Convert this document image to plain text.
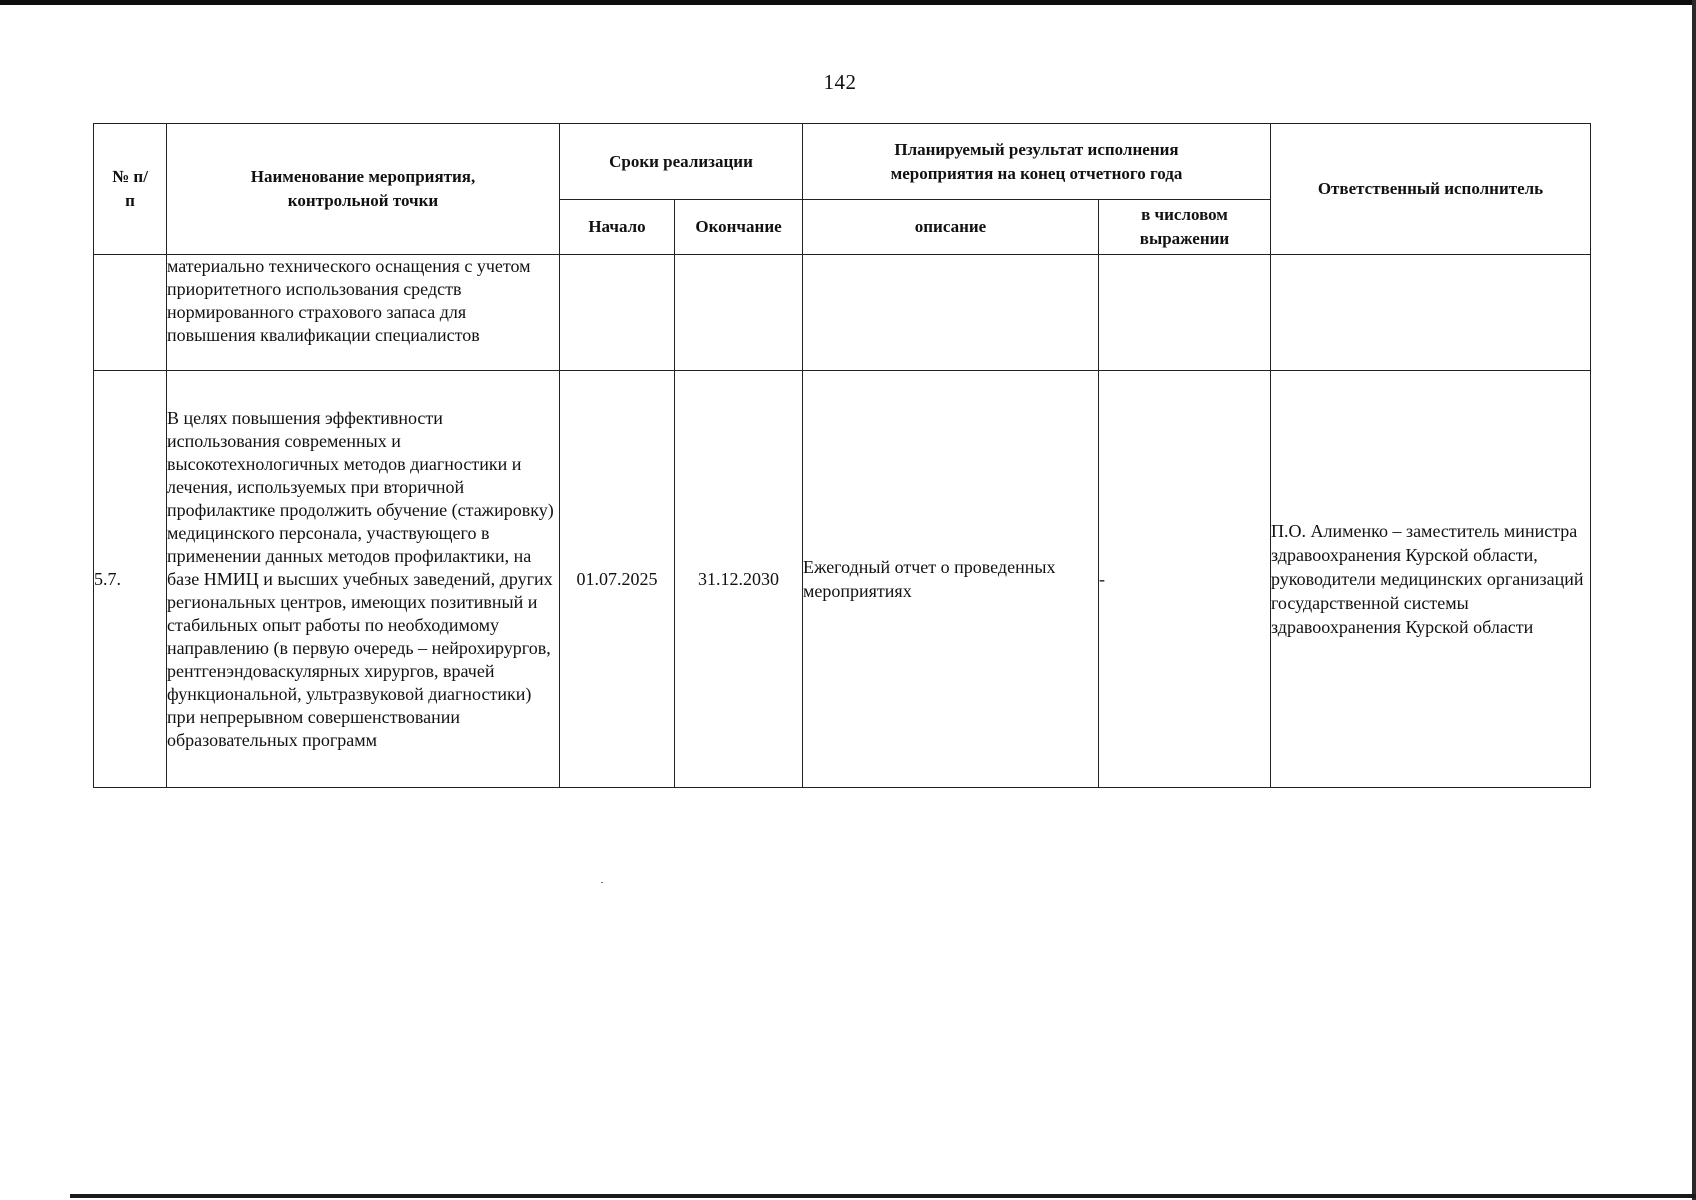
142
№ п/п	Наименование мероприятия, контрольной точки	Сроки реализации		Планируемый результат исполнения мероприятия на конец отчетного года		Ответственный исполнитель
		Начало	Окончание	описание	в числовом выражении	
	материально технического оснащения с учетом приоритетного использования средств нормированного страхового запаса для повышения квалификации специалистов					
5.7.	В целях повышения эффективности использования современных и высокотехнологичных методов диагностики и лечения, используемых при вторичной профилактике продолжить обучение (стажировку) медицинского персонала, участвующего в применении данных методов профилактики, на базе НМИЦ и высших учебных заведений, других региональных центров, имеющих позитивный и стабильных опыт работы по необходимому направлению (в первую очередь – нейрохирургов, рентгенэндоваскулярных хирургов, врачей функциональной, ультразвуковой диагностики) при непрерывном совершенствовании образовательных программ	01.07.2025	31.12.2030	Ежегодный отчет о проведенных мероприятиях	-	П.О. Алименко – заместитель министра здравоохранения Курской области, руководители медицинских организаций государственной системы здравоохранения Курской области
